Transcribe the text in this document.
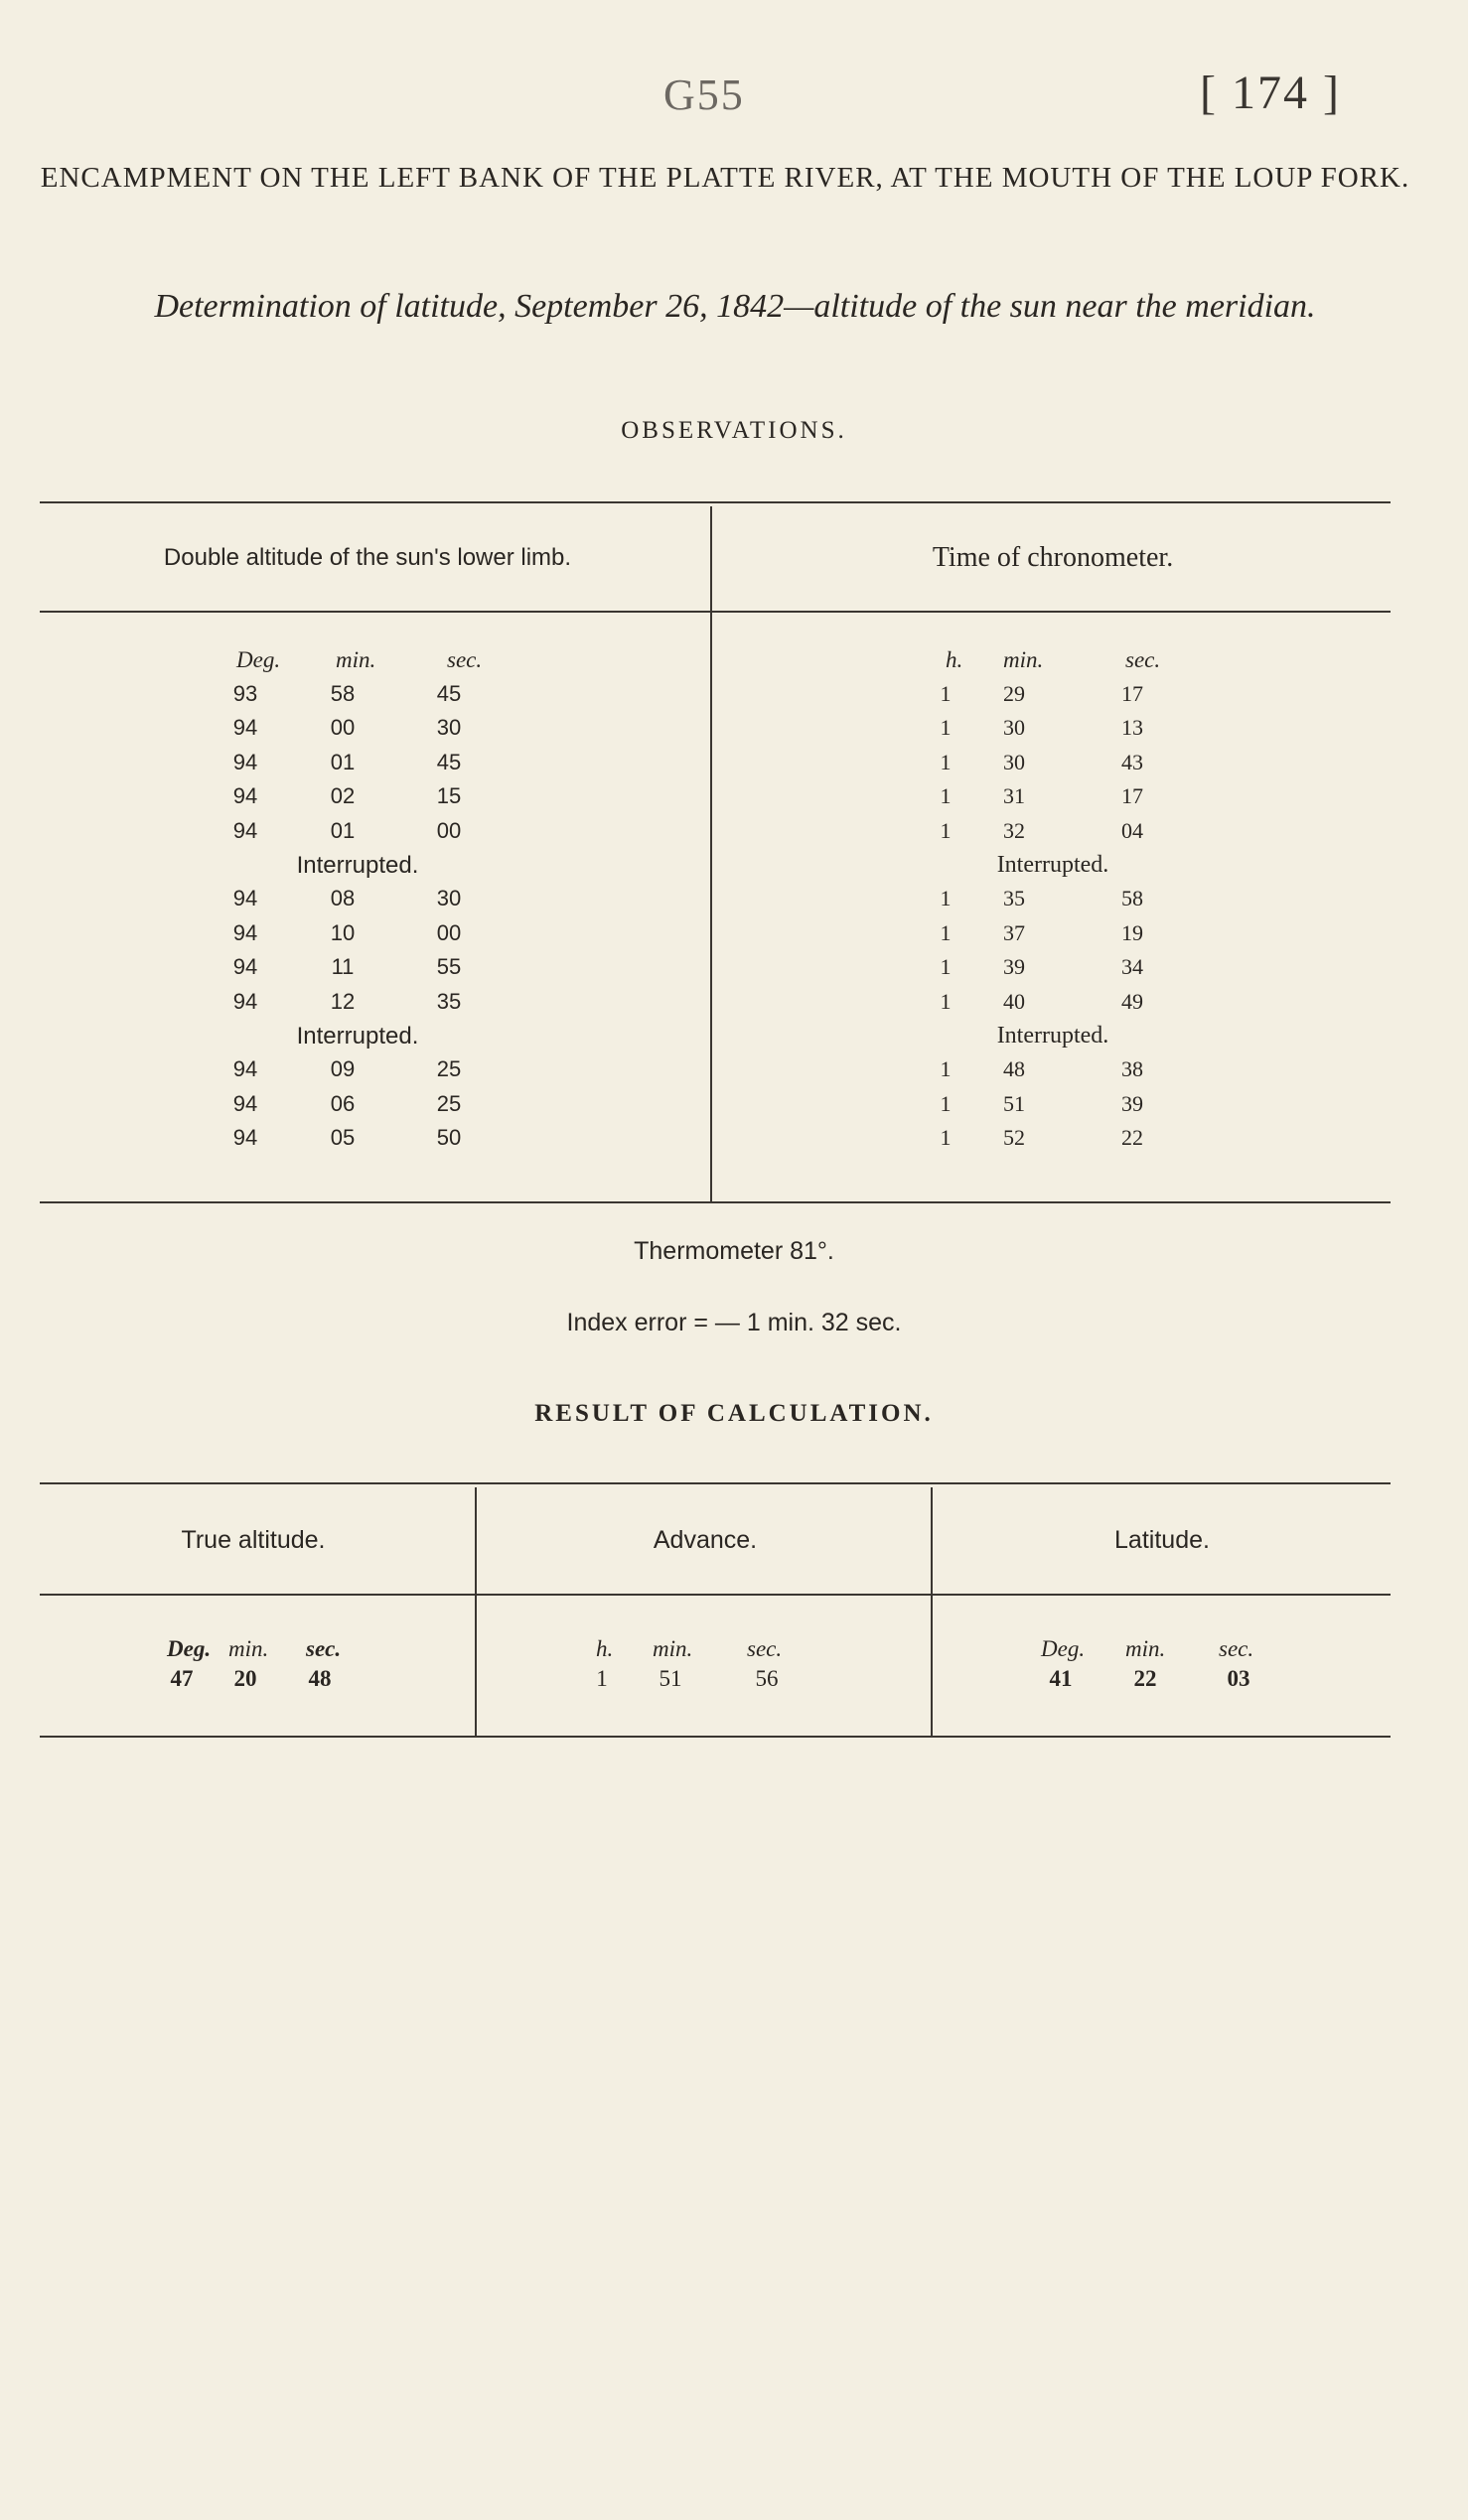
G55	[ 174 ]
ENCAMPMENT ON THE LEFT BANK OF THE PLATTE RIVER, AT THE MOUTH OF THE LOUP FORK.
Determination of latitude, September 26, 1842—altitude of the sun near the meridian.
OBSERVATIONS.
Double altitude of the sun's lower limb.	Time of chronometer.
Deg. min.	sec.	h. min.	sec.
93	58	45	1	29	17
94	00	30	1	30	13
94	01	45	1	30	43
94	02	15	1	31	17
94	01	00	1	32	04
Interrupted.	Interrupted.
94	08	30	1	35	58
94	10	00	1	37	19
94	11	55	1	39	34
94	12	35	1	40	49
Interrupted.	Interrupted.
94	09	25	1	48	38
94	06	25	1	51	39
94	05	50	1	52	22
Thermometer 81°.
Index error = — 1 min. 32 sec.
RESULT OF CALCULATION.
True altitude.	Advance.	Latitude.
Deg. min. sec.	h. min. sec.	Deg. min. sec.
47	20	48	1	51	56	41	22	03
